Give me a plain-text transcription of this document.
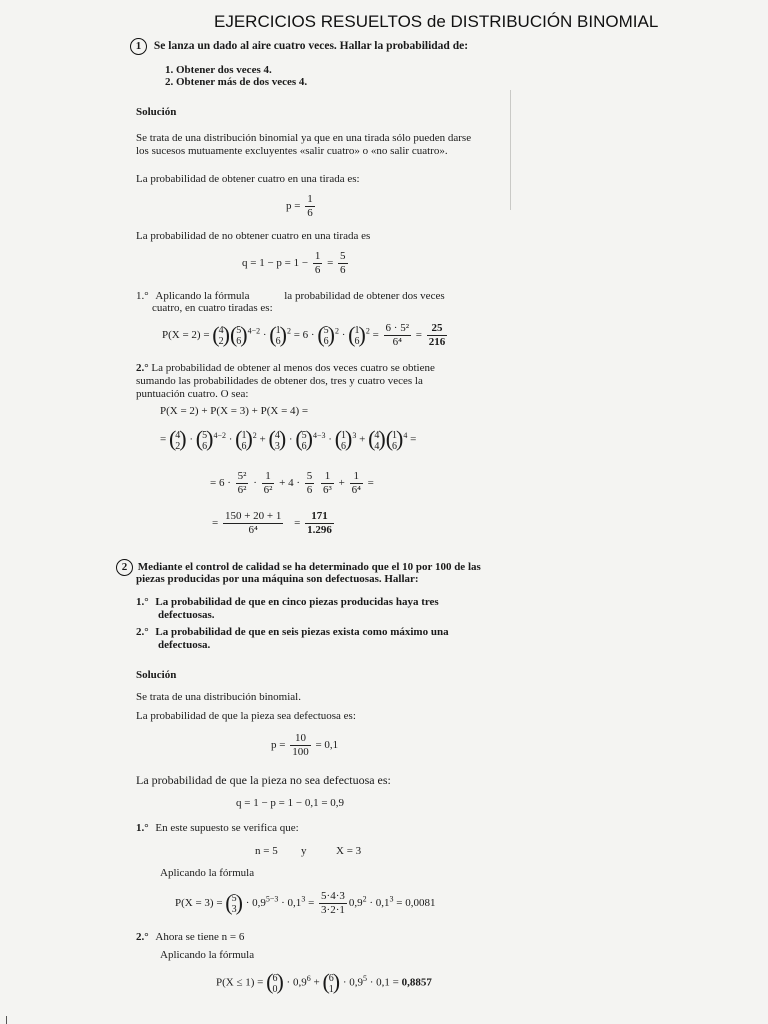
EJERCICIOS RESUELTOS de DISTRIBUCIÓN BINOMIAL
1 Se lanza un dado al aire cuatro veces. Hallar la probabilidad de:
1. Obtener dos veces 4.
2. Obtener más de dos veces 4.
Solución
Se trata de una distribución binomial ya que en una tirada sólo pueden darse los sucesos mutuamente excluyentes «salir cuatro» o «no salir cuatro».
La probabilidad de obtener cuatro en una tirada es:
$p = \frac{1}{6}$
La probabilidad de no obtener cuatro en una tirada es
$q = 1 - p = 1 - \frac{1}{6} = \frac{5}{6}$
1.° Aplicando la fórmula	la probabilidad de obtener dos veces
cuatro, en cuatro tiradas es:
P(X = 2) = (4
2)(5
6)$^{4-2}$ · (1
6)$^2$ = 6 · (5
6)$^2$ · (1
$6)^2 = \frac{\text{6 · 5²}}{\text{6⁴}} = \frac{25}{216}$
2.° La probabilidad de obtener al menos dos veces cuatro se obtiene sumando las probabilidades de obtener dos, tres y cuatro veces la puntuación cuatro. O sea:
P(X = 2) + P(X = 3) + P(X = 4) =
= (4
2) · (5
6)$^{4-2}$ · (1
6)$^2$ + (4
3) · (5
6)$^{4-3}$ · (1
6)$^3$ + (4
4)(1
6)$^4$ =
= $6 \cdot \frac{\text{5²}}{\text{6²}} \cdot \frac{1}{\text{6²}} + 4 \cdot \frac{5}{6}$
$\frac{1}{\text{6³}} + \frac{1}{\text{6⁴}}$ =
= $\frac{150 + 20 + 1}{\text{6⁴}} = \frac{171}{1.296}$
2 Mediante el control de calidad se ha determinado que el 10 por 100 de las
piezas producidas por una máquina son defectuosas. Hallar:
1.° La probabilidad de que en cinco piezas producidas haya tres
defectuosas.
2.° La probabilidad de que en seis piezas exista como máximo una
defectuosa.
Solución
Se trata de una distribución binomial.
La probabilidad de que la pieza sea defectuosa es:
$p = \frac{10}{100} = 0,1$
La probabilidad de que la pieza no sea defectuosa es:
q = 1 − p = 1 − 0,1 = 0,9
1.° En este supuesto se verifica que:
n = 5 y	X = 3
Aplicando la fórmula
P(X = 3) = (5
$3) \cdot 0,9^{5-3} \cdot 0,1^3 = \frac{5\cdot 4\cdot 3}{3\cdot 2\cdot 1} 0,9^2 \cdot 0,1^3 = 0,0081$
2.° Ahora se tiene n = 6
Aplicando la fórmula
P(X ≤ 1) = (6
$0) \cdot 0,9^6 + (6$
$1) \cdot 0,9^5 \cdot 0,1 = 0,8857$
